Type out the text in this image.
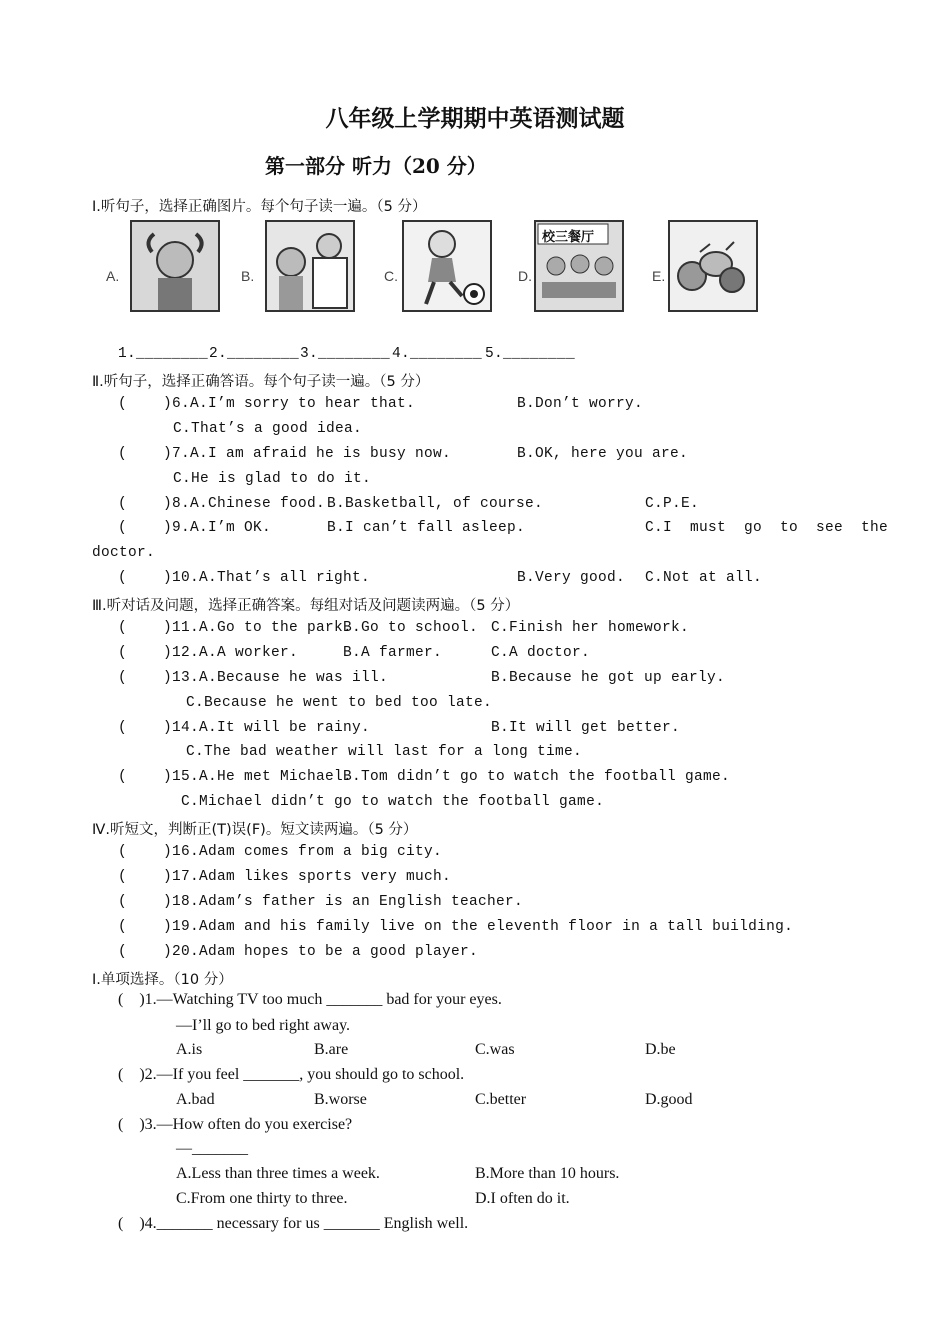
八年级上学期期中英语测试题
第一部分 听力（20 分）
Ⅰ.听句子，选择正确图片。每个句子读一遍。（5 分）
A.	B.	C.	D.
校三餐厅
E.
1.________ 2.________ 3.________ 4.________ 5.________
Ⅱ.听句子，选择正确答语。每个句子读一遍。（5 分）
(    )6.A.I’m sorry to hear that.	B.Don’t worry.
C.That’s a good idea.
(    )7.A.I am afraid he is busy now.	B.OK, here you are.
C.He is glad to do it.
(    )8.A.Chinese food. B.Basketball, of course.	C.P.E.
(    )9.A.I’m OK.	B.I can’t fall asleep.	C.I must go to see the
doctor.
(    )10.A.That’s all right.	B.Very good. C.Not at all.
Ⅲ.听对话及问题，选择正确答案。每组对话及问题读两遍。（5 分）
(    )11.A.Go to the park.
B.Go to school. C.Finish her homework.
(    )12.A.A worker.	B.A farmer.	C.A doctor.
(    )13.A.Because he was ill.	B.Because he got up early.
C.Because he went to bed too late.
(    )14.A.It will be rainy.	B.It will get better.
C.The bad weather will last for a long time.
(    )15.A.He met Michael.
B.Tom didn’t go to watch the football game.
C.Michael didn’t go to watch the football game.
Ⅳ.听短文，判断正(T)误(F)。短文读两遍。（5 分）
(    )16.Adam comes from a big city.
(    )17.Adam likes sports very much.
(    )18.Adam’s father is an English teacher.
(    )19.Adam and his family live on the eleventh floor in a tall building.
(    )20.Adam hopes to be a good player.
Ⅰ.单项选择。（10 分）
(    )1.—Watching TV too much _______ bad for your eyes.
—I’ll go to bed right away.
A.is	B.are	C.was	D.be
(    )2.—If you feel _______, you should go to school.
A.bad	B.worse	C.better	D.good
(    )3.—How often do you exercise?
—_______
A.Less than three times a week.	B.More than 10 hours.
C.From one thirty to three.	D.I often do it.
(    )4._______ necessary for us _______ English well.
